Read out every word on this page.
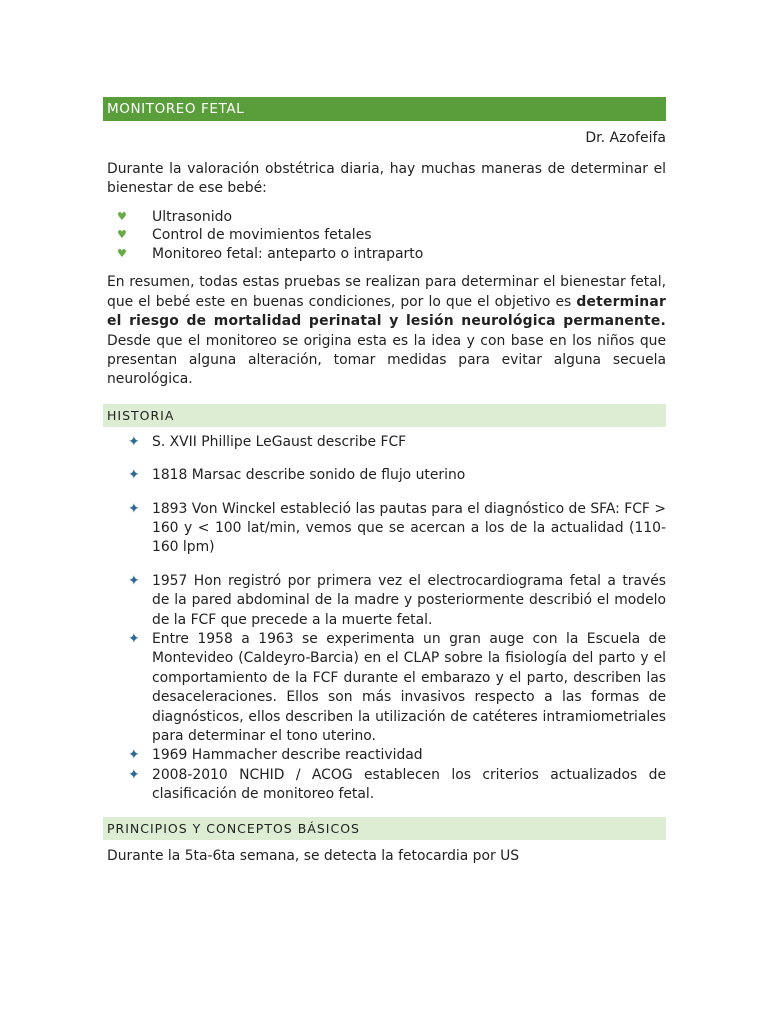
MONITOREO FETAL
Dr. Azofeifa

Durante la valoración obstétrica diaria, hay muchas maneras de determinar el bienestar de ese bebé:

♥ Ultrasonido
♥ Control de movimientos fetales
♥ Monitoreo fetal: anteparto o intraparto

En resumen, todas estas pruebas se realizan para determinar el bienestar fetal, que el bebé este en buenas condiciones, por lo que el objetivo es determinar el riesgo de mortalidad perinatal y lesión neurológica permanente. Desde que el monitoreo se origina esta es la idea y con base en los niños que presentan alguna alteración, tomar medidas para evitar alguna secuela neurológica.

HISTORIA
✦ S. XVII Phillipe LeGaust describe FCF
✦ 1818 Marsac describe sonido de flujo uterino
✦ 1893 Von Winckel estableció las pautas para el diagnóstico de SFA: FCF > 160 y < 100 lat/min, vemos que se acercan a los de la actualidad (110-160 lpm)
✦ 1957 Hon registró por primera vez el electrocardiograma fetal a través de la pared abdominal de la madre y posteriormente describió el modelo de la FCF que precede a la muerte fetal.
✦ Entre 1958 a 1963 se experimenta un gran auge con la Escuela de Montevideo (Caldeyro-Barcia) en el CLAP sobre la fisiología del parto y el comportamiento de la FCF durante el embarazo y el parto, describen las desaceleraciones. Ellos son más invasivos respecto a las formas de diagnósticos, ellos describen la utilización de catéteres intramiometriales para determinar el tono uterino.
✦ 1969 Hammacher describe reactividad
✦ 2008-2010 NCHID / ACOG establecen los criterios actualizados de clasificación de monitoreo fetal.
PRINCIPIOS Y CONCEPTOS BÁSICOS

Durante la 5ta-6ta semana, se detecta la fetocardia por US
